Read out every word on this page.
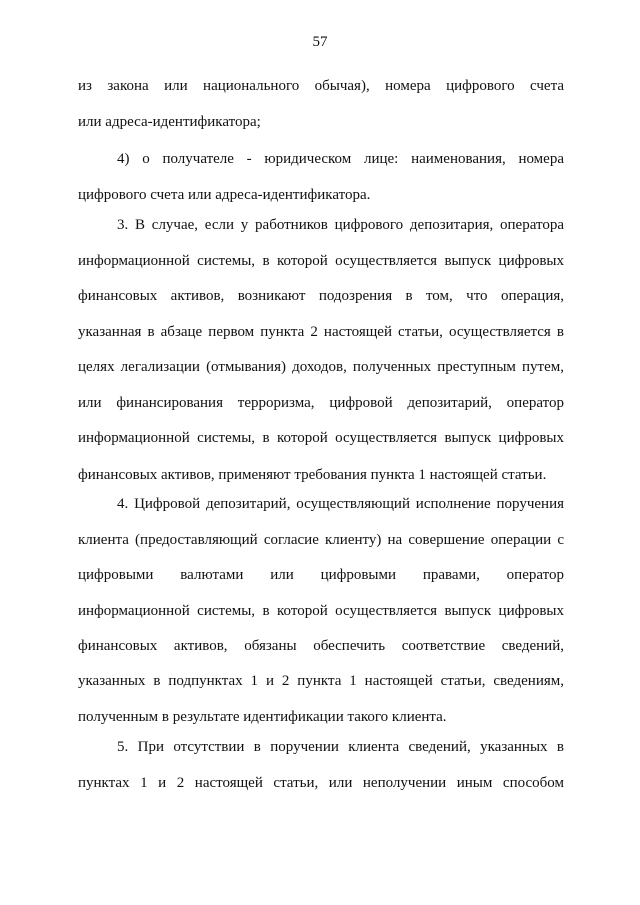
57
из закона или национального обычая), номера цифрового счета
или адреса-идентификатора;
4) о получателе - юридическом лице: наименования, номера
цифрового счета или адреса-идентификатора.
3. В случае, если у работников цифрового депозитария, оператора
информационной системы, в которой осуществляется выпуск цифровых
финансовых активов, возникают подозрения в том, что операция,
указанная в абзаце первом пункта 2 настоящей статьи, осуществляется в
целях легализации (отмывания) доходов, полученных преступным путем,
или финансирования терроризма, цифровой депозитарий, оператор
информационной системы, в которой осуществляется выпуск цифровых
финансовых активов, применяют требования пункта 1 настоящей статьи.
4. Цифровой депозитарий, осуществляющий исполнение поручения
клиента (предоставляющий согласие клиенту) на совершение операции с
цифровыми валютами или цифровыми правами, оператор
информационной системы, в которой осуществляется выпуск цифровых
финансовых активов, обязаны обеспечить соответствие сведений,
указанных в подпунктах 1 и 2 пункта 1 настоящей статьи, сведениям,
полученным в результате идентификации такого клиента.
5. При отсутствии в поручении клиента сведений, указанных в
пунктах 1 и 2 настоящей статьи, или неполучении иным способом
